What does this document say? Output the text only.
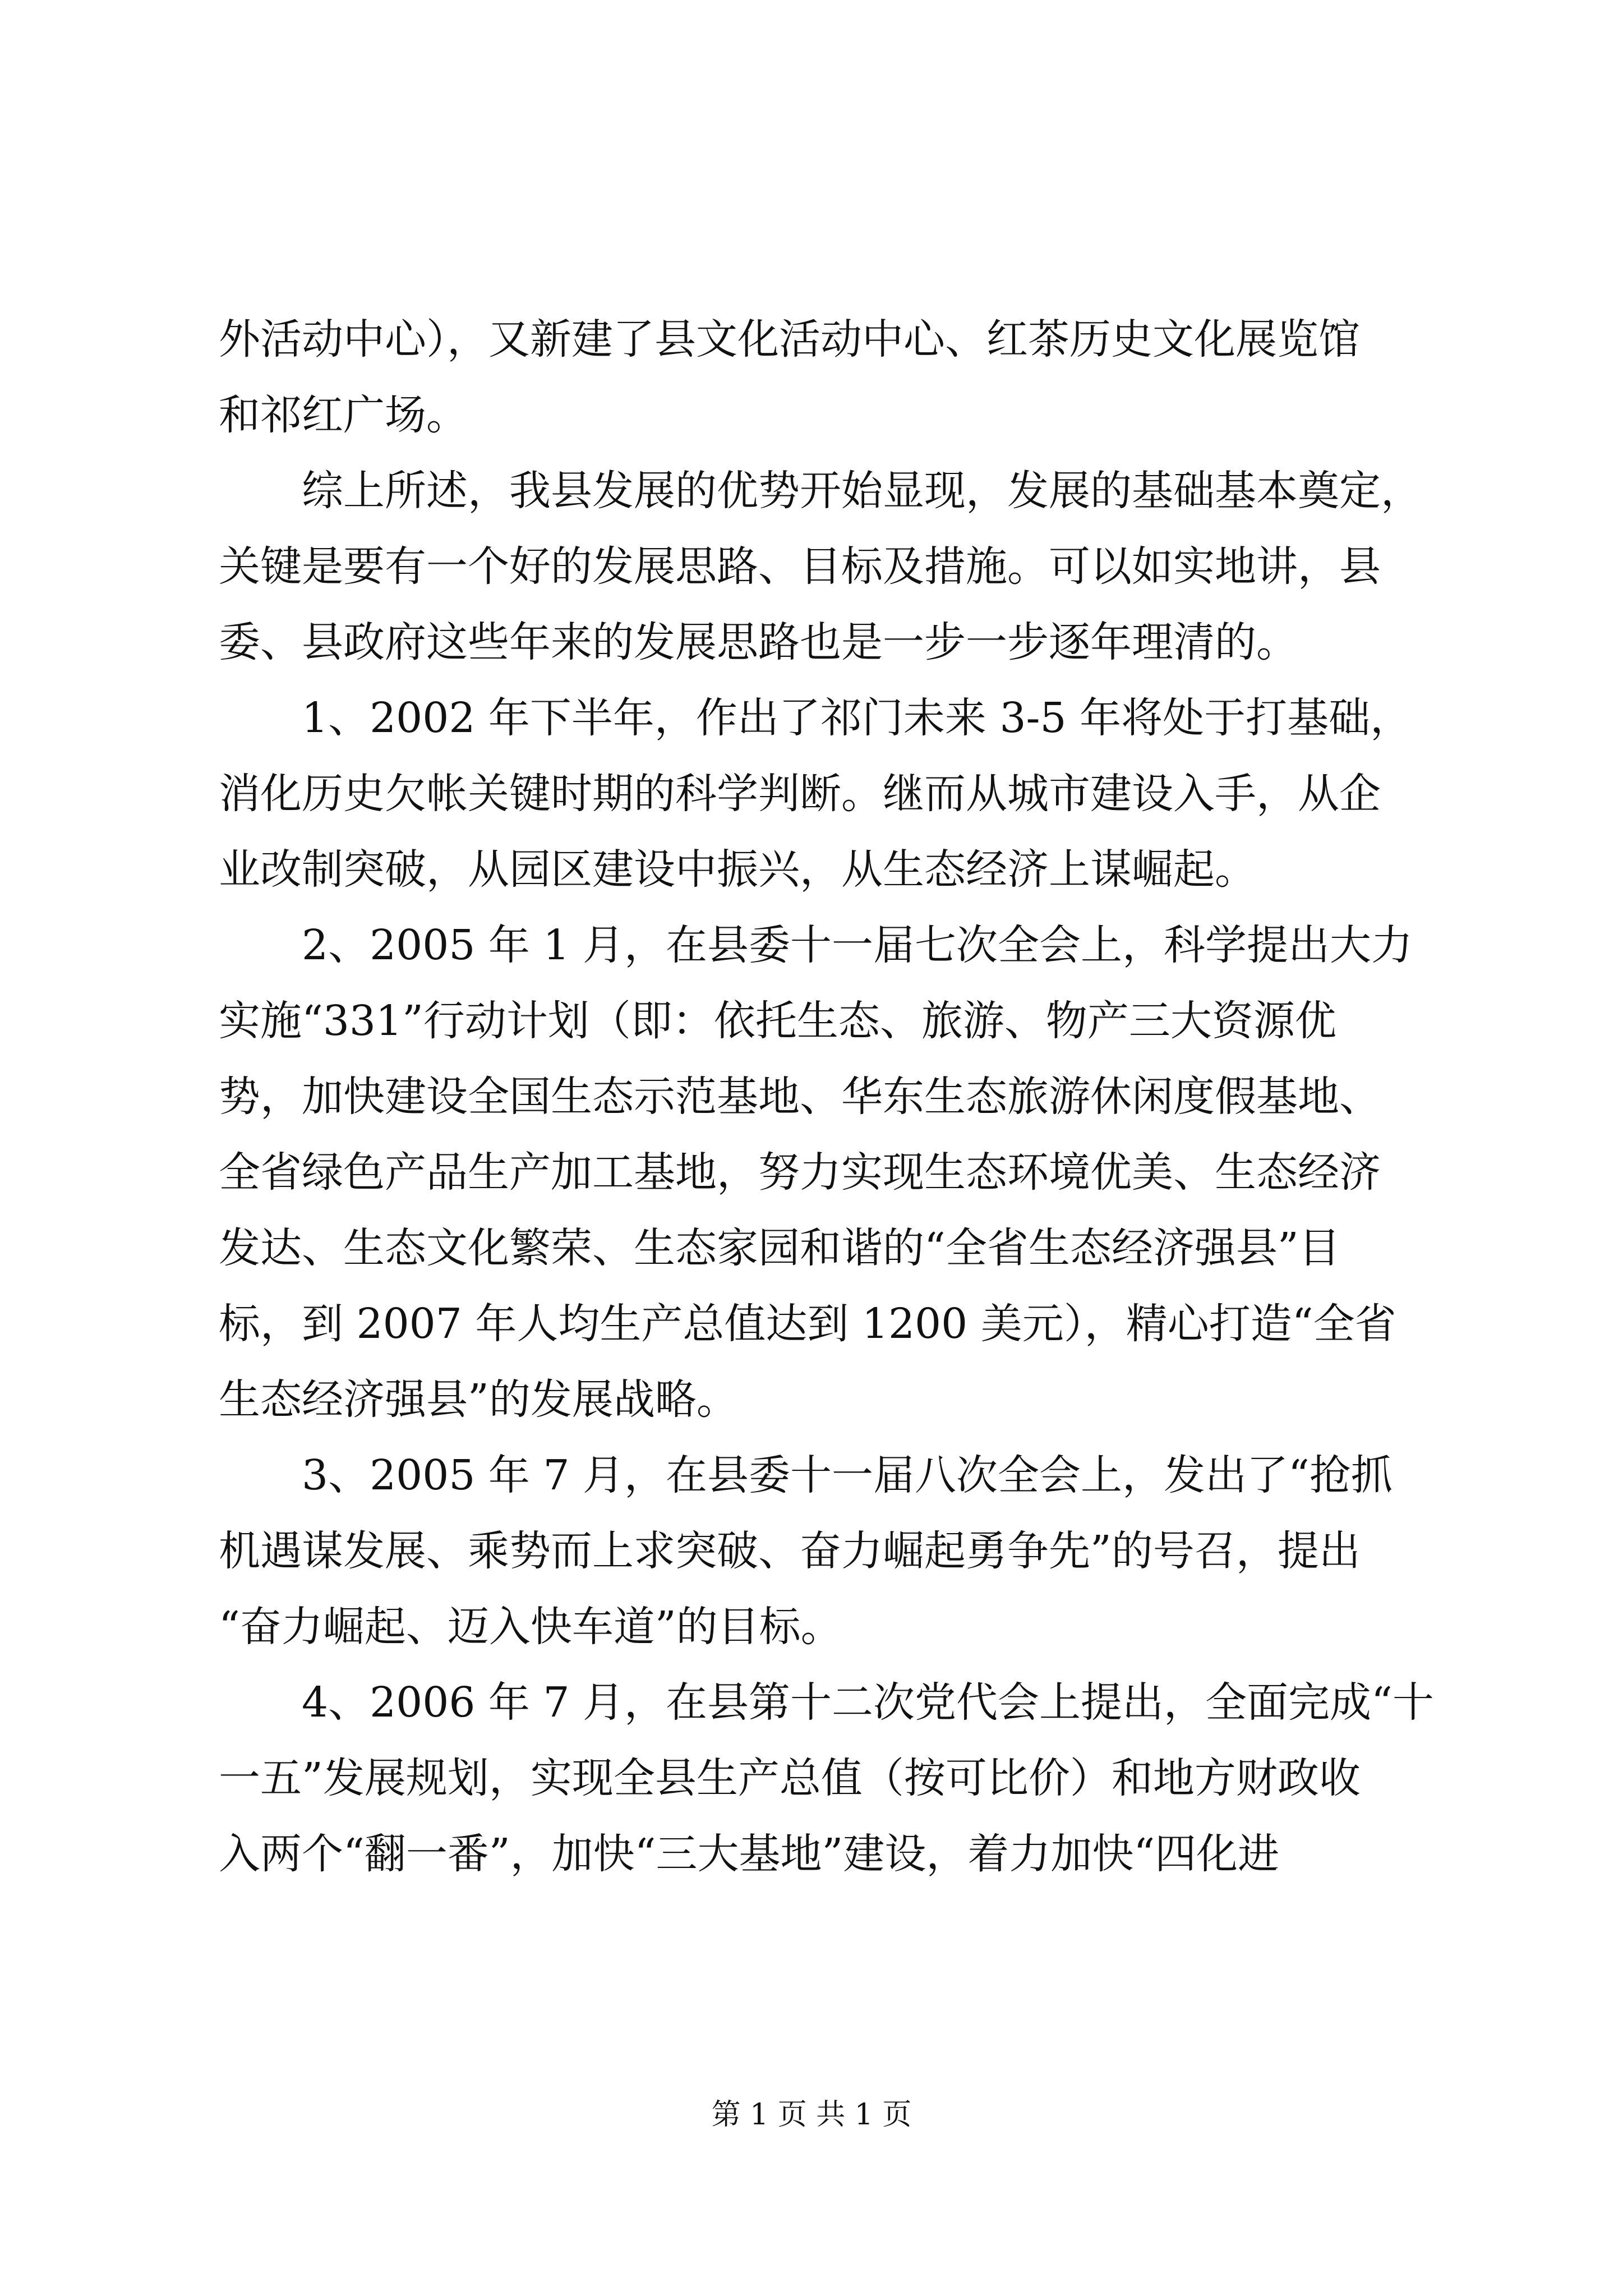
外活动中心），又新建了县文化活动中心、红茶历史文化展览馆
和祁红广场。
　　综上所述，我县发展的优势开始显现，发展的基础基本奠定，
关键是要有一个好的发展思路、目标及措施。可以如实地讲，县
委、县政府这些年来的发展思路也是一步一步逐年理清的。
　　1、2002 年下半年，作出了祁门未来 3-5 年将处于打基础，
消化历史欠帐关键时期的科学判断。继而从城市建设入手，从企
业改制突破，从园区建设中振兴，从生态经济上谋崛起。
　　2、2005 年 1 月，在县委十一届七次全会上，科学提出大力
实施“331”行动计划（即：依托生态、旅游、物产三大资源优
势，加快建设全国生态示范基地、华东生态旅游休闲度假基地、
全省绿色产品生产加工基地，努力实现生态环境优美、生态经济
发达、生态文化繁荣、生态家园和谐的“全省生态经济强县”目
标，到 2007 年人均生产总值达到 1200 美元），精心打造“全省
生态经济强县”的发展战略。
　　3、2005 年 7 月，在县委十一届八次全会上，发出了“抢抓
机遇谋发展、乘势而上求突破、奋力崛起勇争先”的号召，提出
“奋力崛起、迈入快车道”的目标。
　　4、2006 年 7 月，在县第十二次党代会上提出，全面完成“十
一五”发展规划，实现全县生产总值（按可比价）和地方财政收
入两个“翻一番”，加快“三大基地”建设，着力加快“四化进
第 1 页 共 1 页
